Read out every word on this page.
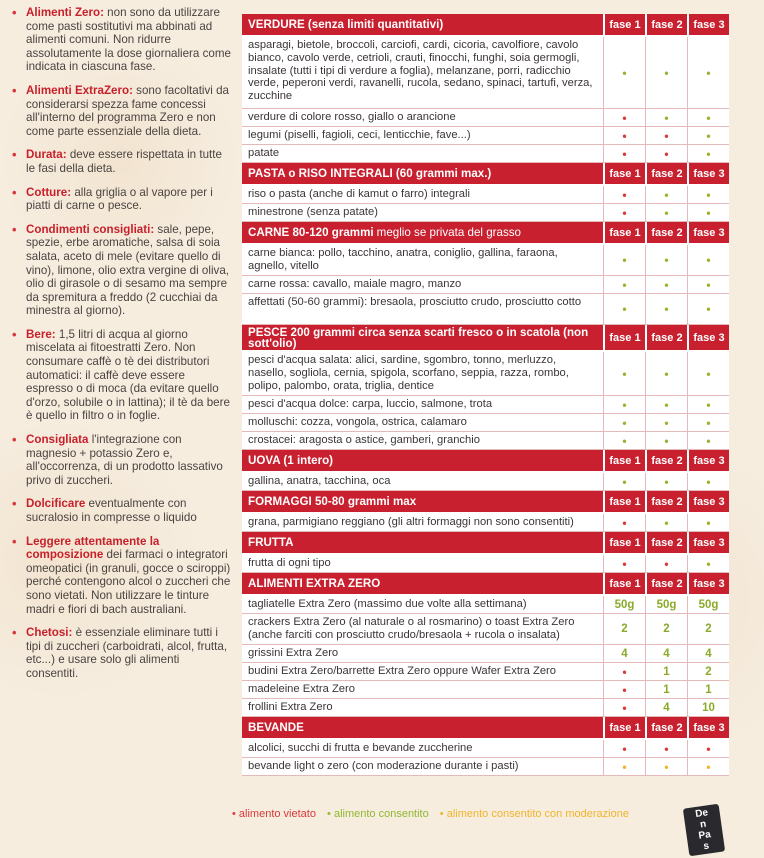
• Alimenti Zero: non sono da utilizzare come pasti sostitutivi ma abbinati ad alimenti comuni. Non ridurre assolutamente la dose giornaliera come indicata in ciascuna fase.
• Alimenti ExtraZero: sono facoltativi da considerarsi spezza fame concessi all'interno del programma Zero e non come parte essenziale della dieta.
• Durata: deve essere rispettata in tutte le fasi della dieta.
• Cotture: alla griglia o al vapore per i piatti di carne o pesce.
• Condimenti consigliati: sale, pepe, spezie, erbe aromatiche, salsa di soia salata, aceto di mele (evitare quello di vino), limone, olio extra vergine di oliva, olio di girasole o di sesamo ma sempre da spremitura a freddo (2 cucchiai da minestra al giorno).
• Bere: 1,5 litri di acqua al giorno miscelata ai fitoestratti Zero. Non consumare caffè o tè dei distributori automatici: il caffè deve essere espresso o di moca (da evitare quello d'orzo, solubile o in lattina); il tè da bere è quello in filtro o in foglie.
• Consigliata l'integrazione con magnesio + potassio Zero e, all'occorrenza, di un prodotto lassativo privo di zuccheri.
• Dolcificare eventualmente con sucralosio in compresse o liquido
• Leggere attentamente la composizione dei farmaci o integratori omeopatici (in granuli, gocce o sciroppi) perché contengono alcol o zuccheri che sono vietati. Non utilizzare le tinture madri e fiori di bach australiani.
• Chetosi: è essenziale eliminare tutti i tipi di zuccheri (carboidrati, alcol, frutta, etc...) e usare solo gli alimenti consentiti.
VERDURE (senza limiti quantitativi)	fase 1 fase 2 fase 3
asparagi, bietole, broccoli, carciofi, cardi, cicoria, cavolfiore, cavolo bianco, cavolo verde, cetrioli, crauti, finocchi, funghi, soia germogli, insalate (tutti i tipi di verdure a foglia), melanzane, porri, radicchio verde, peperoni verdi, ravanelli, rucola, sedano, spinaci, tartufi, verza, zucchine
•	•	•
verdure di colore rosso, giallo o arancione	•	•	•
legumi (piselli, fagioli, ceci, lenticchie, fave...)	•	•	•
patate	•	•	•
PASTA o RISO INTEGRALI (60 grammi max.)	fase 1 fase 2 fase 3
riso o pasta (anche di kamut o farro) integrali	•	•	•
minestrone (senza patate)	•	•	•
CARNE 80-120 grammi meglio se privata del grasso	fase 1 fase 2 fase 3
carne bianca: pollo, tacchino, anatra, coniglio, gallina, faraona, agnello, vitello	•	•	•
carne rossa: cavallo, maiale magro, manzo	•	•	•
affettati (50-60 grammi): bresaola, prosciutto crudo, prosciutto cotto	•	•	•
PESCE 200 grammi circa senza scarti fresco o in scatola (non sott'olio)	fase 1 fase 2 fase 3
pesci d'acqua salata: alici, sardine, sgombro, tonno, merluzzo, nasello, sogliola, cernia, spigola, scorfano, seppia, razza, rombo, polipo, palombo, orata, triglia, dentice
•	•	•
pesci d'acqua dolce: carpa, luccio, salmone, trota	•	•	•
molluschi: cozza, vongola, ostrica, calamaro	•	•	•
crostacei: aragosta o astice, gamberi, granchio	•	•	•
UOVA (1 intero)	fase 1 fase 2 fase 3
gallina, anatra, tacchina, oca	•	•	•
FORMAGGI 50-80 grammi max	fase 1 fase 2 fase 3
grana, parmigiano reggiano (gli altri formaggi non sono consentiti)	•	•	•
FRUTTA	fase 1 fase 2 fase 3
frutta di ogni tipo	•	•	•
ALIMENTI EXTRA ZERO	fase 1 fase 2 fase 3
tagliatelle Extra Zero (massimo due volte alla settimana)	50g 50g 50g
crackers Extra Zero (al naturale o al rosmarino) o toast Extra Zero (anche farciti con prosciutto crudo/bresaola + rucola o insalata)	2	2	2
grissini Extra Zero	4	4	4
budini Extra Zero/barrette Extra Zero oppure Wafer Extra Zero	•	1	2
madeleine Extra Zero	•	1	1
frollini Extra Zero	•	4	10
BEVANDE	fase 1 fase 2 fase 3
alcolici, succhi di frutta e bevande zuccherine	•	•	•
bevande light o zero (con moderazione durante i pasti)	•	•	•
• alimento vietato • alimento consentito • alimento consentito con moderazione	De
n
Pa
s
